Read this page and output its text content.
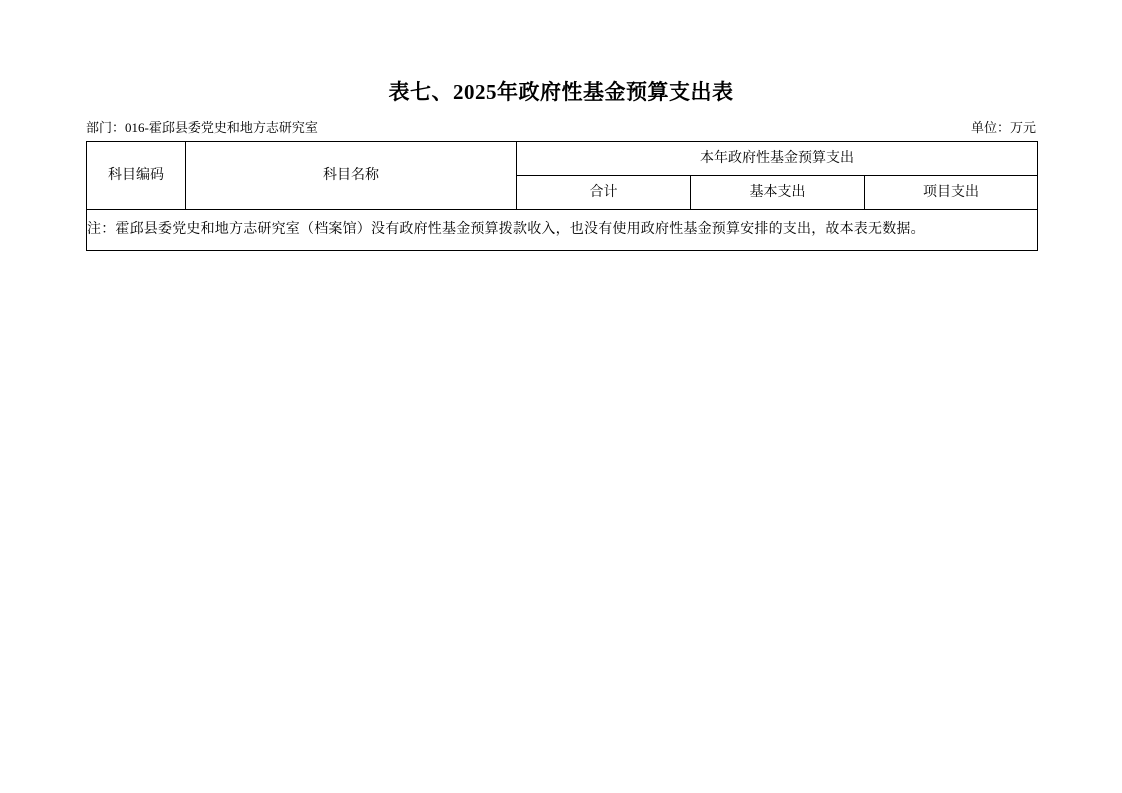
表七、2025年政府性基金预算支出表
部门：016-霍邱县委党史和地方志研究室	单位：万元
科目编码	科目名称	本年政府性基金预算支出		
		合计	基本支出	项目支出
注：霍邱县委党史和地方志研究室（档案馆）没有政府性基金预算拨款收入，也没有使用政府性基金预算安排的支出，故本表无数据。				
